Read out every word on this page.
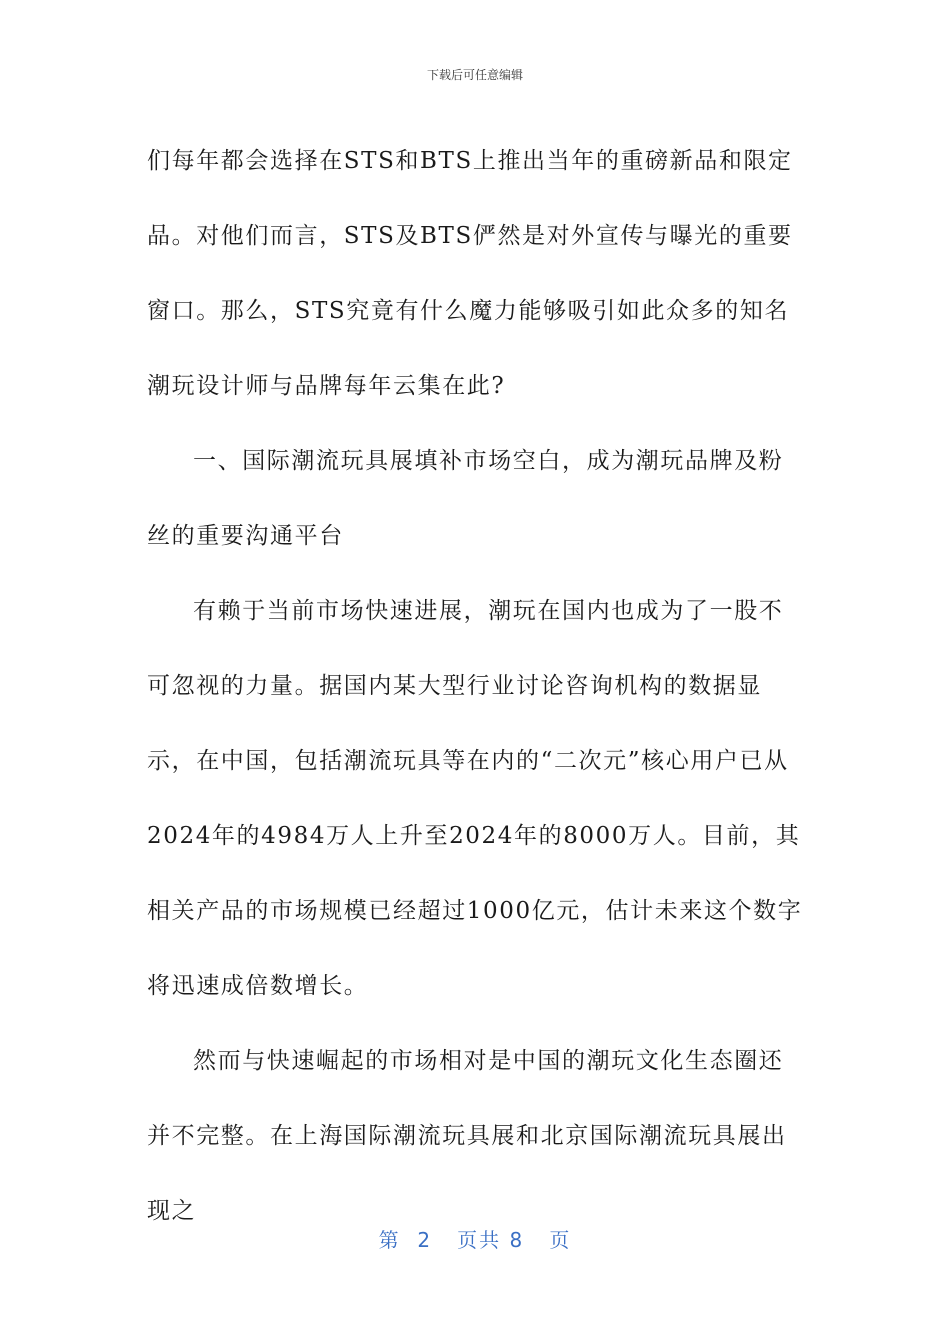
下载后可任意编辑

们每年都会选择在STS和BTS上推出当年的重磅新品和限定品。对他们而言，STS及BTS俨然是对外宣传与曝光的重要窗口。那么，STS究竟有什么魔力能够吸引如此众多的知名潮玩设计师与品牌每年云集在此?

一、国际潮流玩具展填补市场空白，成为潮玩品牌及粉丝的重要沟通平台

有赖于当前市场快速进展，潮玩在国内也成为了一股不可忽视的力量。据国内某大型行业讨论咨询机构的数据显示，在中国，包括潮流玩具等在内的“二次元”核心用户已从2024年的4984万人上升至2024年的8000万人。目前，其相关产品的市场规模已经超过1000亿元，估计未来这个数字将迅速成倍数增长。

然而与快速崛起的市场相对是中国的潮玩文化生态圈还并不完整。在上海国际潮流玩具展和北京国际潮流玩具展出现之

第 2 页共 8 页
